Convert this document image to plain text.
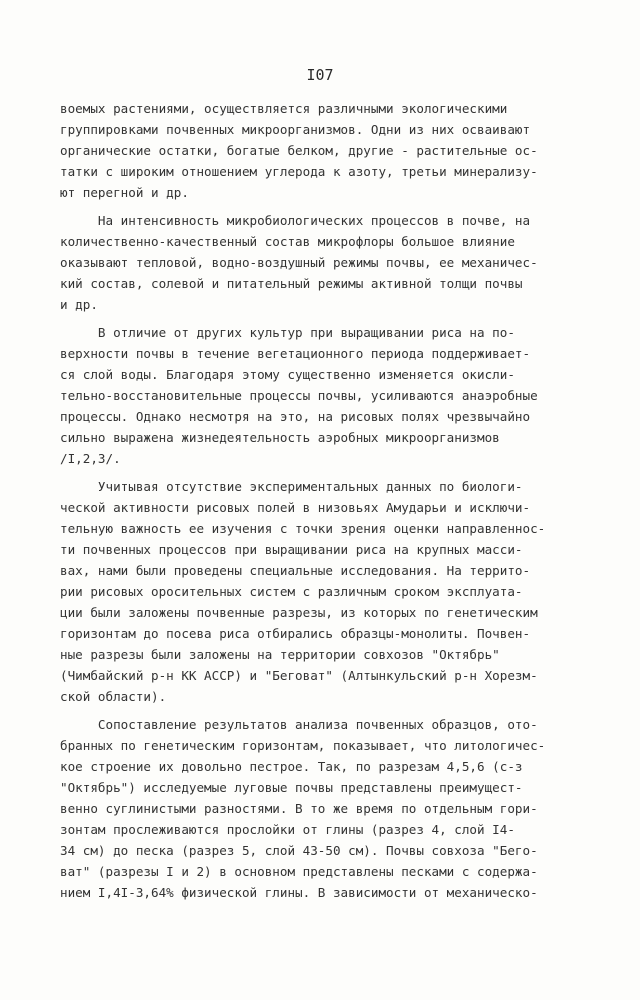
I07
воемых растениями, осуществляется различными экологическими
группировками почвенных микроорганизмов. Одни из них осваивают
органические остатки, богатые белком, другие - растительные ос-
татки с широким отношением углерода к азоту, третьи минерализу-
ют перегной и др.
На интенсивность микробиологических процессов в почве, на
количественно-качественный состав микрофлоры большое влияние
оказывают тепловой, водно-воздушный режимы почвы, ее механичес-
кий состав, солевой и питательный режимы активной толщи почвы
и др.
В отличие от других культур при выращивании риса на по-
верхности почвы в течение вегетационного периода поддерживает-
ся слой воды. Благодаря этому существенно изменяется окисли-
тельно-восстановительные процессы почвы, усиливаются анаэробные
процессы. Однако несмотря на это, на рисовых полях чрезвычайно
сильно выражена жизнедеятельность аэробных микроорганизмов
/I,2,3/.
Учитывая отсутствие экспериментальных данных по биологи-
ческой активности рисовых полей в низовьях Амударьи и исключи-
тельную важность ее изучения с точки зрения оценки направленнос-
ти почвенных процессов при выращивании риса на крупных масси-
вах, нами были проведены специальные исследования. На террито-
рии рисовых оросительных систем с различным сроком эксплуата-
ции были заложены почвенные разрезы, из которых по генетическим
горизонтам до посева риса отбирались образцы-монолиты. Почвен-
ные разрезы были заложены на территории совхозов "Октябрь"
(Чимбайский р-н КК АССР) и "Беговат" (Алтынкульский р-н Хорезм-
ской области).
Сопоставление результатов анализа почвенных образцов, ото-
бранных по генетическим горизонтам, показывает, что литологичес-
кое строение их довольно пестрое. Так, по разрезам 4,5,6 (с-з
"Октябрь") исследуемые луговые почвы представлены преимущест-
венно суглинистыми разностями. В то же время по отдельным гори-
зонтам прослеживаются прослойки от глины (разрез 4, слой I4-
34 см) до песка (разрез 5, слой 43-50 см). Почвы совхоза "Бего-
ват" (разрезы I и 2) в основном представлены песками с содержа-
нием I,4I-3,64% физической глины. В зависимости от механическо-
